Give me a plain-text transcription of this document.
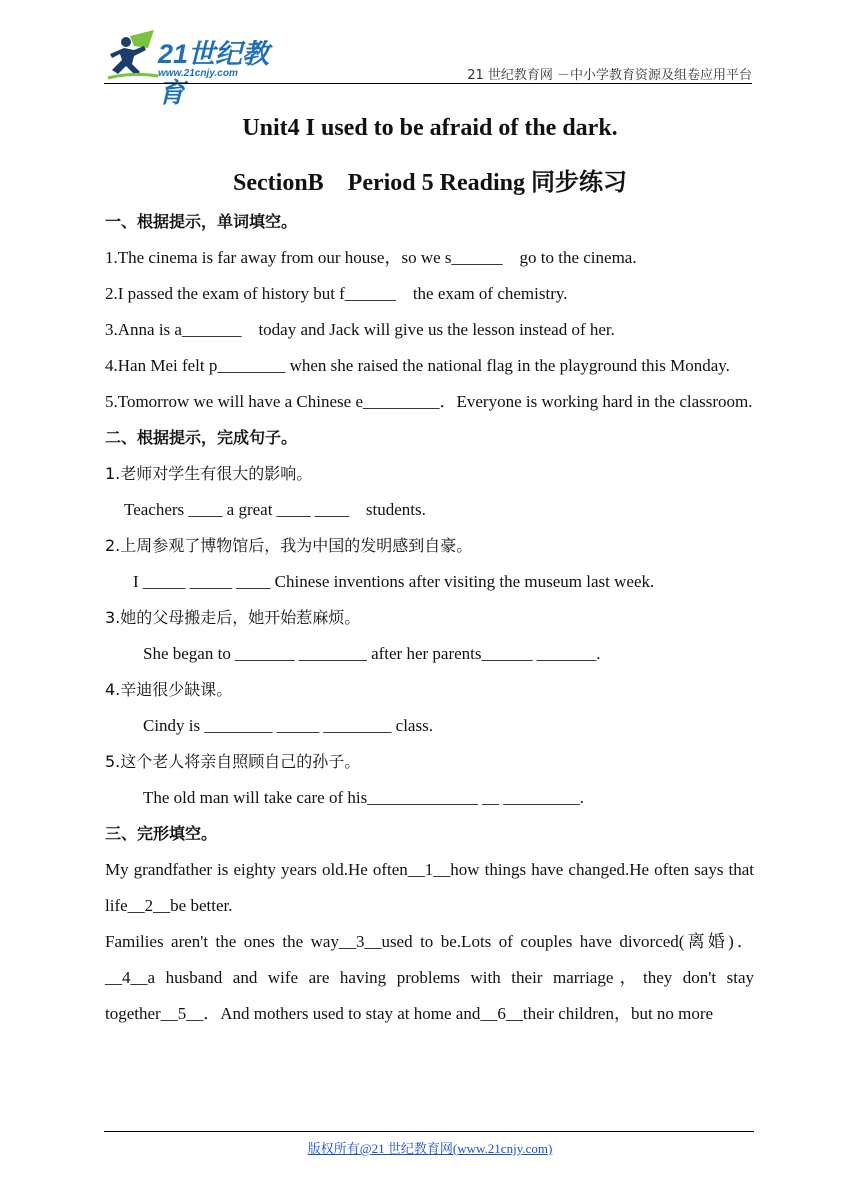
21世纪教育
www.21cnjy.com	21 世纪教育网 －中小学教育资源及组卷应用平台
Unit4 I used to be afraid of the dark.
SectionB　Period 5 Reading 同步练习

一、根据提示，单词填空。

1.The cinema is far away from our house，so we s______　go to the cinema.

2.I passed the exam of history but f______　the exam of chemistry.

3.Anna is a_______　today and Jack will give us the lesson instead of her.

4.Han Mei felt p________ when she raised the national flag in the playground this Monday.

5.Tomorrow we will have a Chinese e_________．Everyone is working hard in the classroom.

二、根据提示，完成句子。

1.老师对学生有很大的影响。

Teachers ____ a great ____ ____　students.

2.上周参观了博物馆后，我为中国的发明感到自豪。

I _____ _____ ____ Chinese inventions after visiting the museum last week.

3.她的父母搬走后，她开始惹麻烦。

She began to _______ ________ after her parents______ _______.

4.辛迪很少缺课。

Cindy is ________ _____ ________ class.

5.这个老人将亲自照顾自己的孙子。

The old man will take care of his_____________ __ _________.

三、完形填空。

My grandfather is eighty years old.He often__1__how things have changed.He often says that life__2__be better.

Families aren't the ones the way__3__used to be.Lots of couples have divorced(离婚)．__4__a husband and wife are having problems with their marriage，they don't stay together__5__．And mothers used to stay at home and__6__their children，but no more

版权所有@21 世纪教育网(www.21cnjy.com)
